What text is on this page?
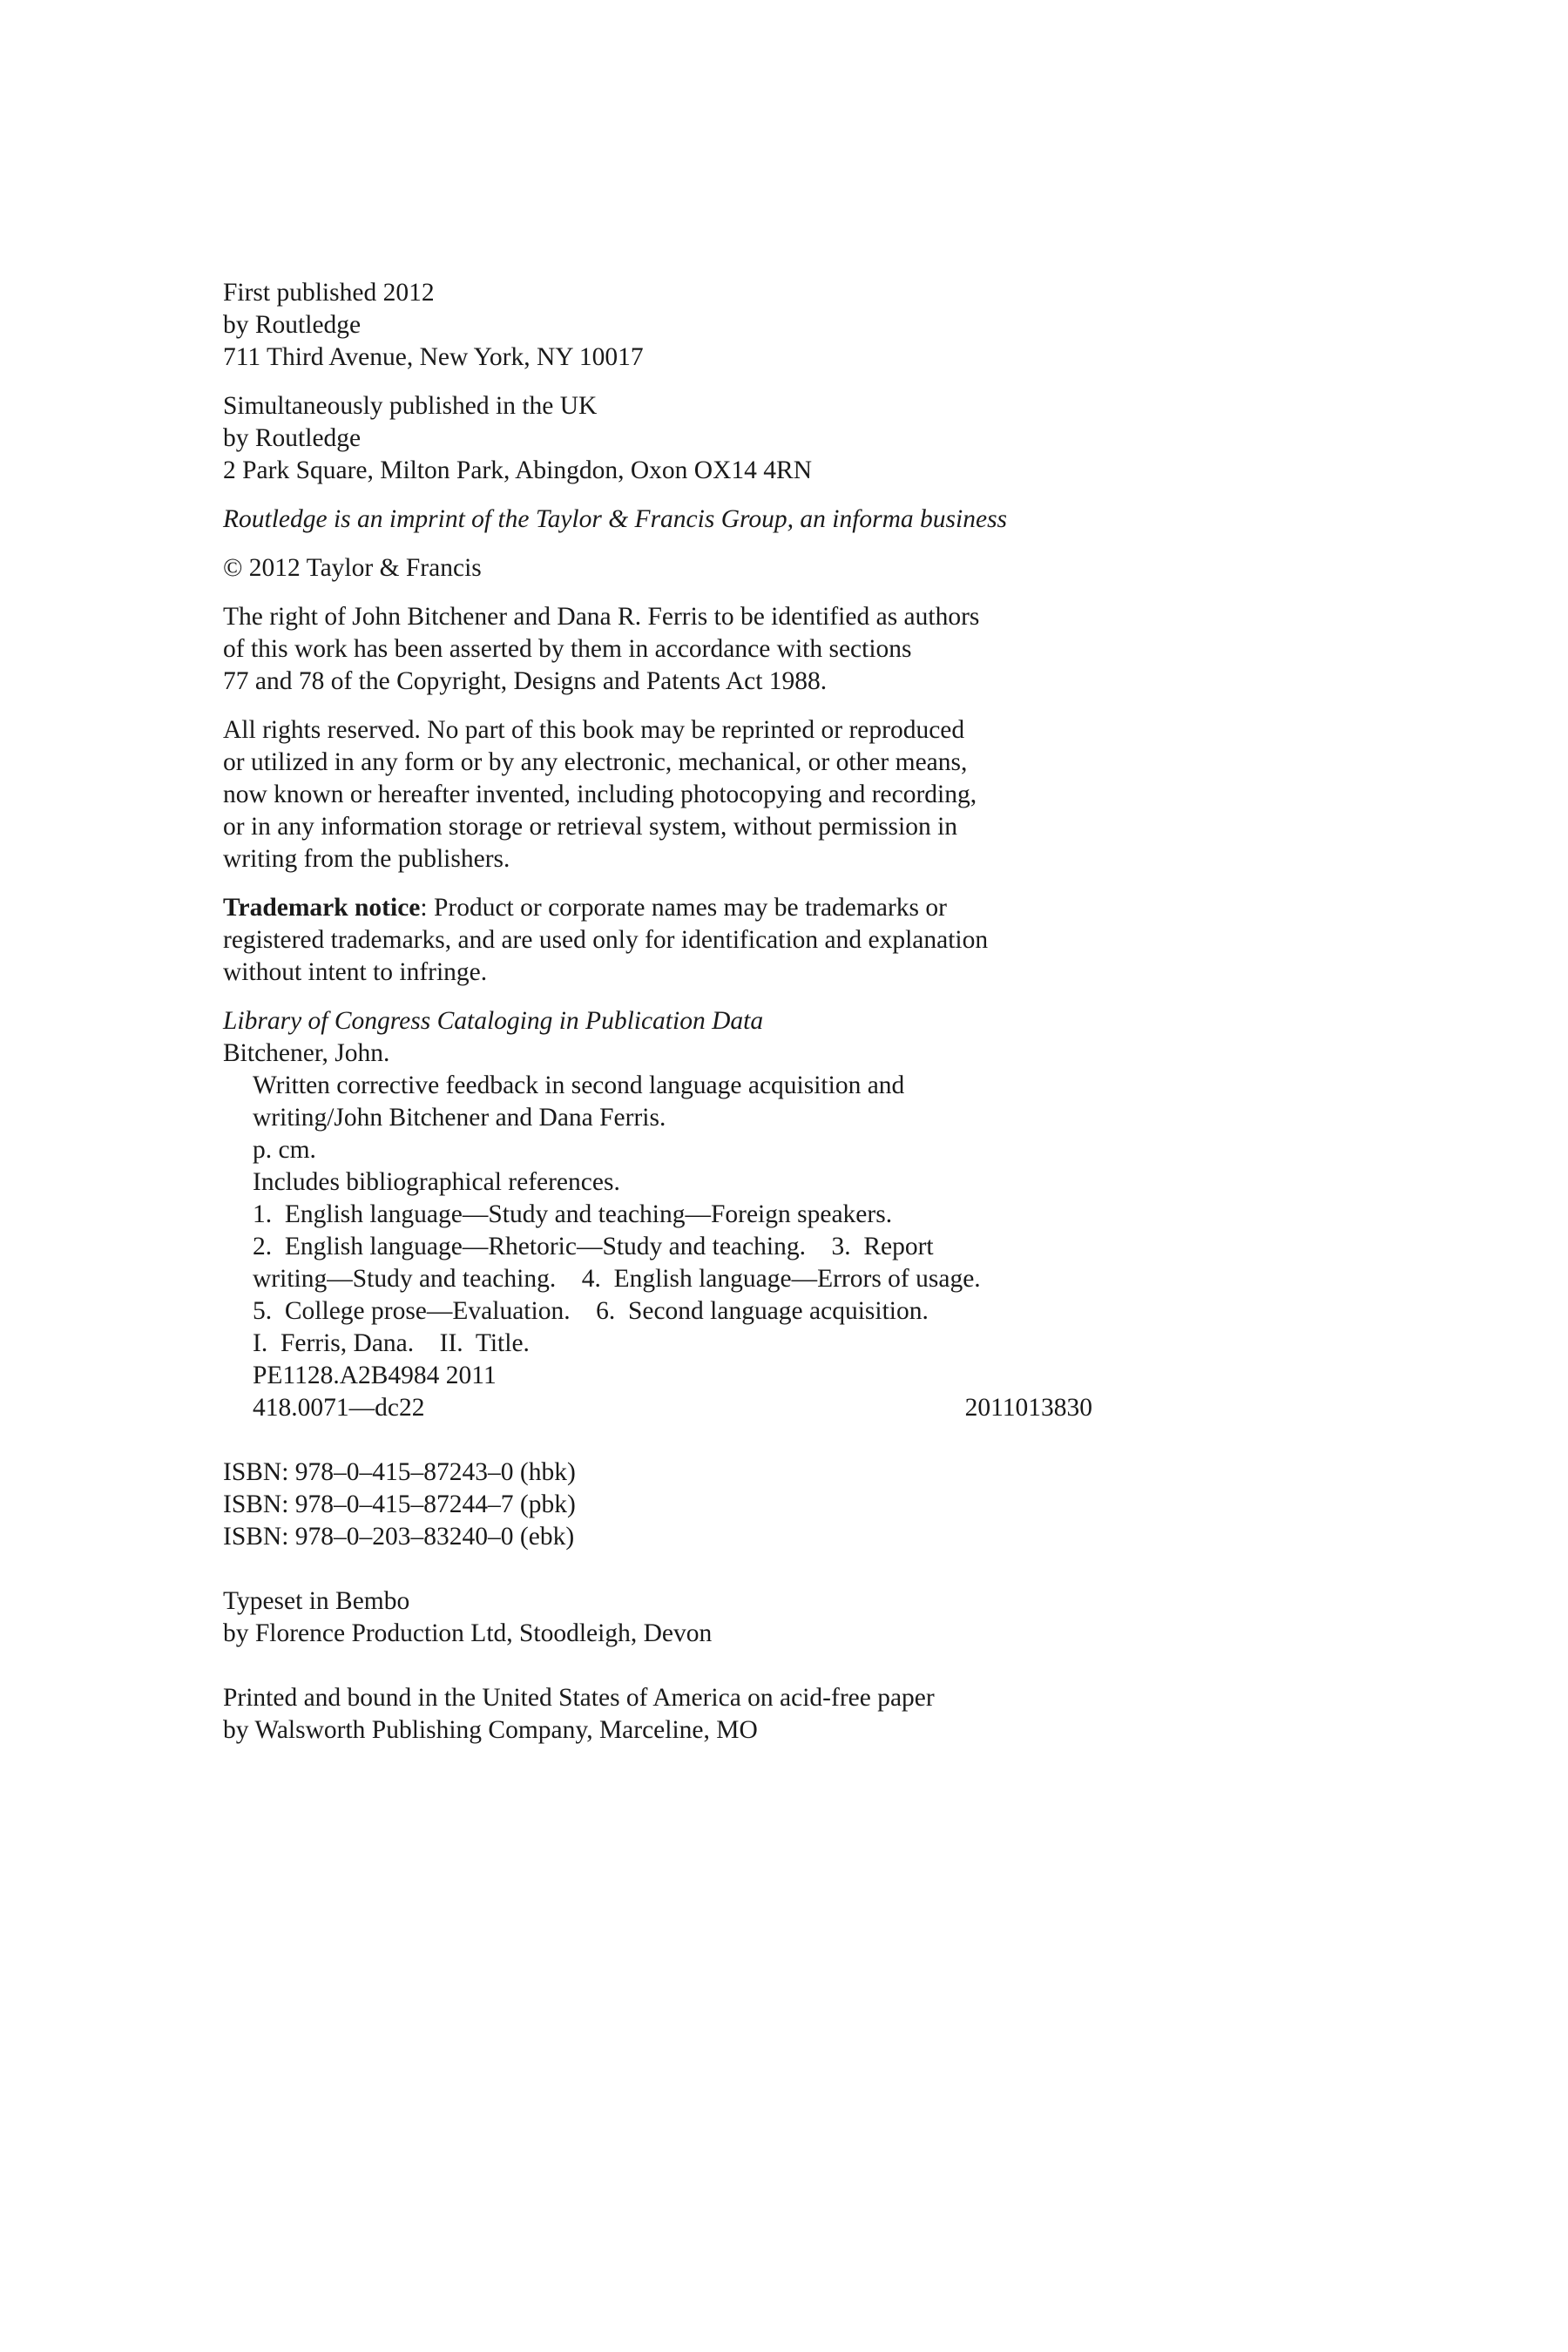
First published 2012
by Routledge
711 Third Avenue, New York, NY 10017
Simultaneously published in the UK
by Routledge
2 Park Square, Milton Park, Abingdon, Oxon OX14 4RN
Routledge is an imprint of the Taylor & Francis Group, an informa business
© 2012 Taylor & Francis
The right of John Bitchener and Dana R. Ferris to be identified as authors
of this work has been asserted by them in accordance with sections
77 and 78 of the Copyright, Designs and Patents Act 1988.
All rights reserved. No part of this book may be reprinted or reproduced
or utilized in any form or by any electronic, mechanical, or other means,
now known or hereafter invented, including photocopying and recording,
or in any information storage or retrieval system, without permission in
writing from the publishers.
Trademark notice: Product or corporate names may be trademarks or
registered trademarks, and are used only for identification and explanation
without intent to infringe.
Library of Congress Cataloging in Publication Data
Bitchener, John.
Written corrective feedback in second language acquisition and
writing/John Bitchener and Dana Ferris.
p. cm.
Includes bibliographical references.
1.  English language—Study and teaching—Foreign speakers.
2.  English language—Rhetoric—Study and teaching.    3.  Report
writing—Study and teaching.    4.  English language—Errors of usage.
5.  College prose—Evaluation.    6.  Second language acquisition.
I.  Ferris, Dana.    II.  Title.
PE1128.A2B4984 2011
418.0071—dc22	2011013830
ISBN: 978–0–415–87243–0 (hbk)
ISBN: 978–0–415–87244–7 (pbk)
ISBN: 978–0–203–83240–0 (ebk)
Typeset in Bembo
by Florence Production Ltd, Stoodleigh, Devon
Printed and bound in the United States of America on acid-free paper
by Walsworth Publishing Company, Marceline, MO
